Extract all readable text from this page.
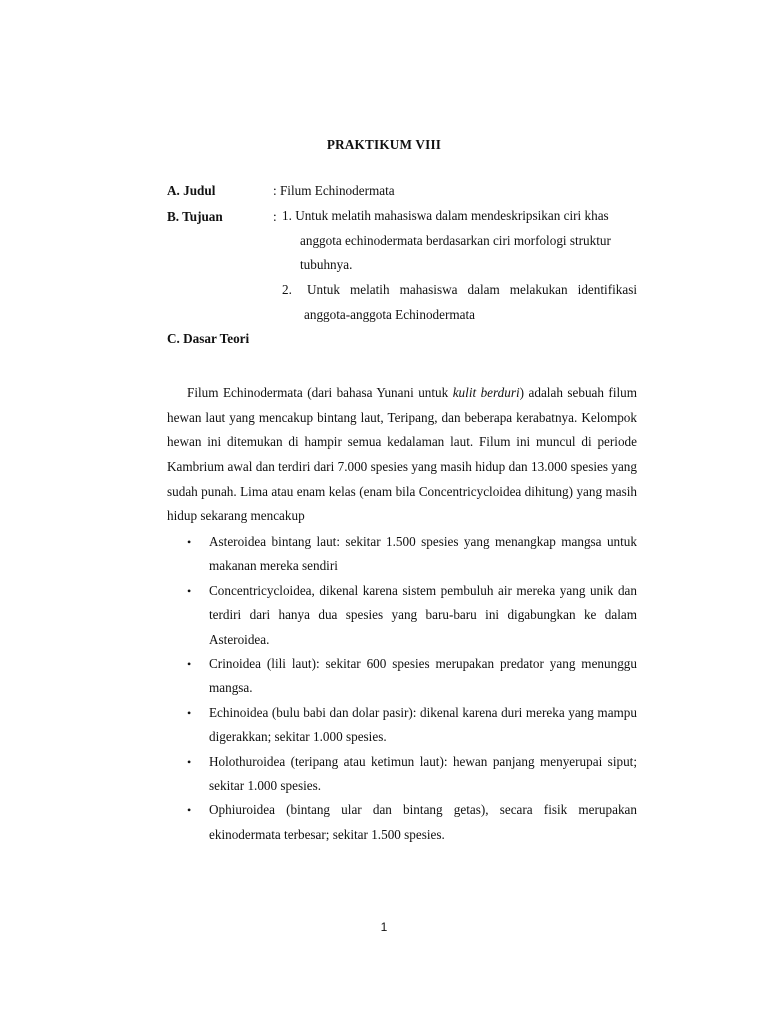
PRAKTIKUM VIII
A. Judul	: Filum Echinodermata
B. Tujuan	: 1. Untuk melatih mahasiswa dalam mendeskripsikan ciri khas
anggota echinodermata berdasarkan ciri morfologi struktur
tubuhnya.
2.	Untuk melatih mahasiswa dalam melakukan identifikasi
anggota-anggota Echinodermata
C. Dasar Teori

Filum Echinodermata (dari bahasa Yunani untuk kulit berduri) adalah sebuah filum hewan laut yang mencakup bintang laut, Teripang, dan beberapa kerabatnya. Kelompok hewan ini ditemukan di hampir semua kedalaman laut. Filum ini muncul di periode Kambrium awal dan terdiri dari 7.000 spesies yang masih hidup dan 13.000 spesies yang sudah punah. Lima atau enam kelas (enam bila Concentricycloidea dihitung) yang masih hidup sekarang mencakup

• Asteroidea bintang laut: sekitar 1.500 spesies yang menangkap mangsa untuk makanan mereka sendiri
• Concentricycloidea, dikenal karena sistem pembuluh air mereka yang unik dan terdiri dari hanya dua spesies yang baru-baru ini digabungkan ke dalam Asteroidea.
• Crinoidea (lili laut): sekitar 600 spesies merupakan predator yang menunggu mangsa.
• Echinoidea (bulu babi dan dolar pasir): dikenal karena duri mereka yang mampu digerakkan; sekitar 1.000 spesies.
• Holothuroidea (teripang atau ketimun laut): hewan panjang menyerupai siput; sekitar 1.000 spesies.
• Ophiuroidea (bintang ular dan bintang getas), secara fisik merupakan ekinodermata terbesar; sekitar 1.500 spesies.
1
